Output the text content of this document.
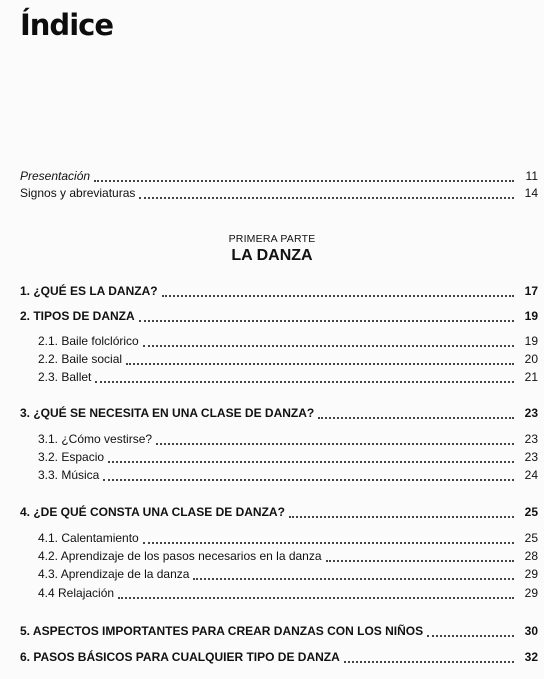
Índice
Presentación	11
Signos y abreviaturas	14
PRIMERA PARTE
LA DANZA
1. ¿QUÉ ES LA DANZA?	17
2. TIPOS DE DANZA	19
2.1. Baile folclórico	19
2.2. Baile social	20
2.3. Ballet	21
3. ¿QUÉ SE NECESITA EN UNA CLASE DE DANZA?	23
3.1. ¿Cómo vestirse?	23
3.2. Espacio	23
3.3. Música	24
4. ¿DE QUÉ CONSTA UNA CLASE DE DANZA?	25
4.1. Calentamiento	25
4.2. Aprendizaje de los pasos necesarios en la danza	28
4.3. Aprendizaje de la danza	29
4.4 Relajación	29
5. ASPECTOS IMPORTANTES PARA CREAR DANZAS CON LOS NIÑOS	30
6. PASOS BÁSICOS PARA CUALQUIER TIPO DE DANZA	32
